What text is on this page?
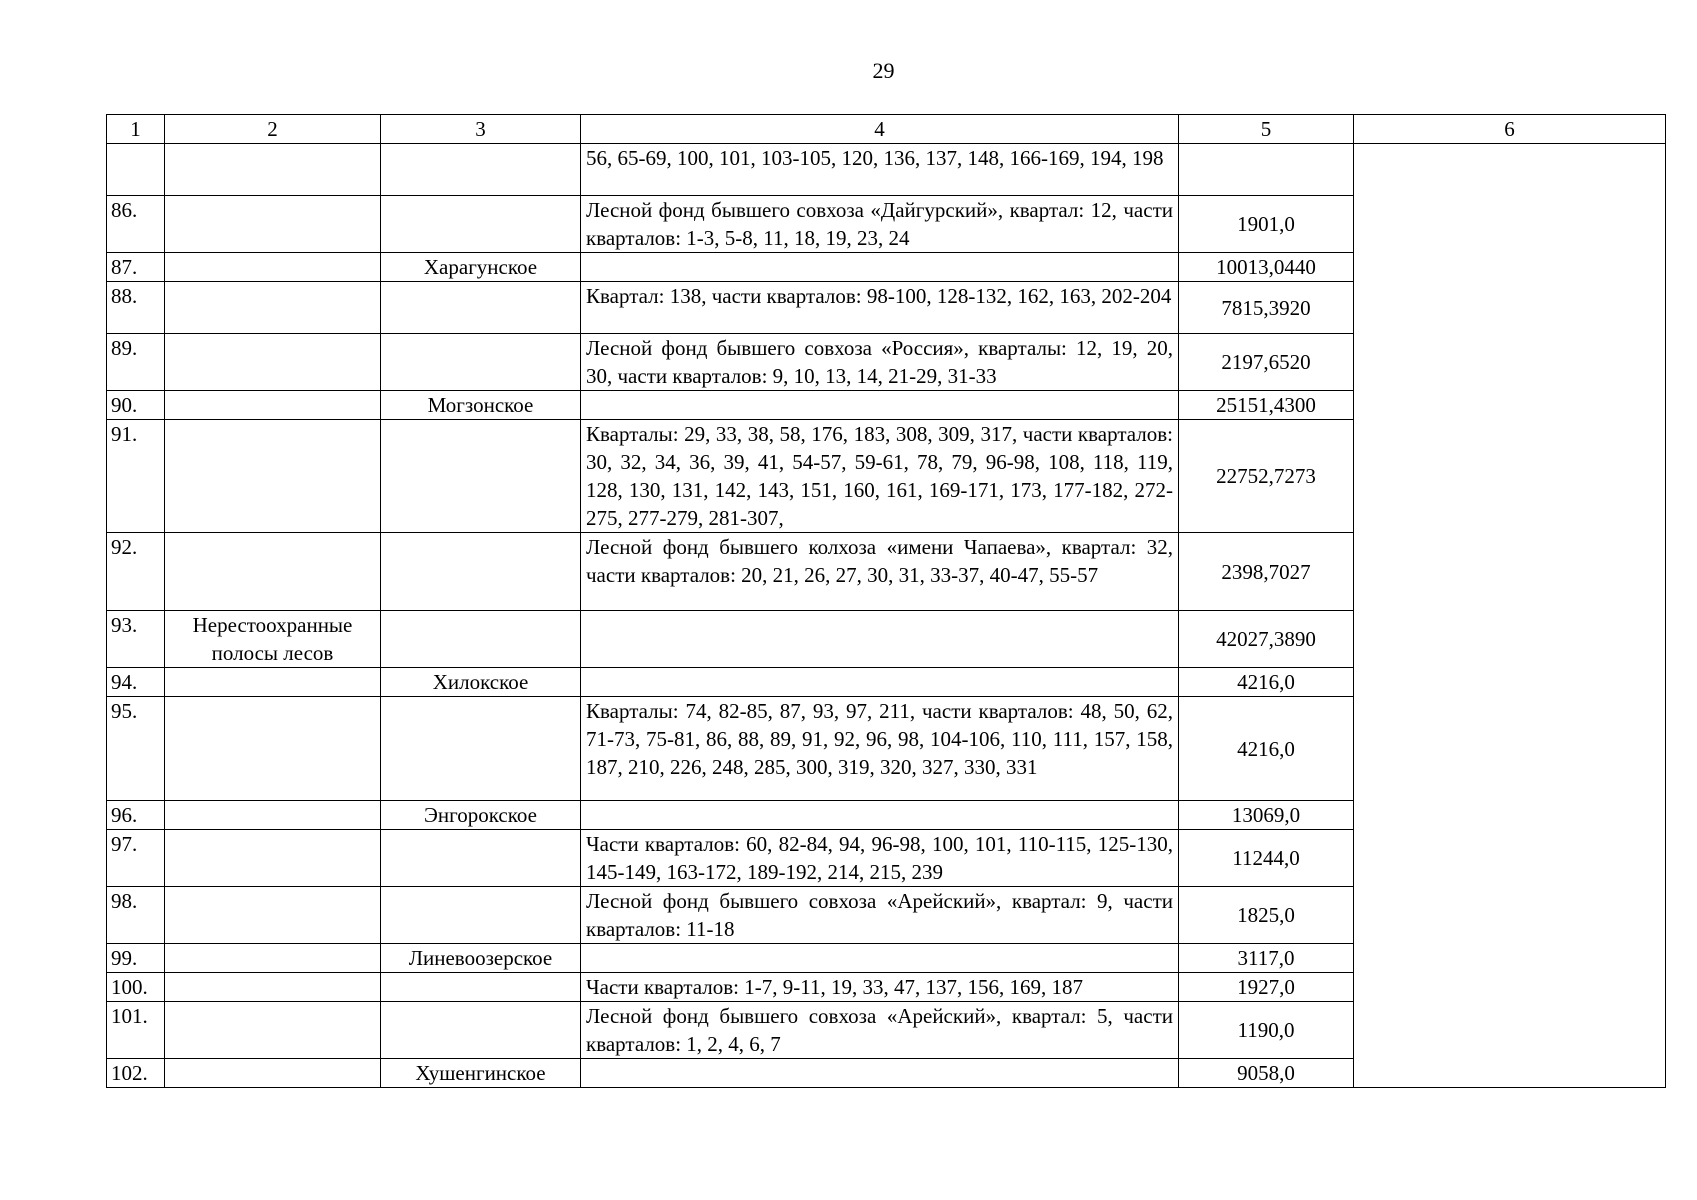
29
1	2	3	4	5	6
			56, 65-69, 100, 101, 103-105, 120, 136, 137, 148, 166-169, 194, 198		
86.			Лесной фонд бывшего совхоза «Дайгурский», квартал: 12, части кварталов: 1-3, 5-8, 11, 18, 19, 23, 24	1901,0	
87.		Харагунское		10013,0440	
88.			Квартал: 138, части кварталов: 98-100, 128-132, 162, 163, 202-204	7815,3920	
89.			Лесной фонд бывшего совхоза «Россия», кварталы: 12, 19, 20, 30, части кварталов: 9, 10, 13, 14, 21-29, 31-33	2197,6520	
90.		Могзонское		25151,4300	
91.			Кварталы: 29, 33, 38, 58, 176, 183, 308, 309, 317, части кварталов: 30, 32, 34, 36, 39, 41, 54-57, 59-61, 78, 79, 96-98, 108, 118, 119, 128, 130, 131, 142, 143, 151, 160, 161, 169-171, 173, 177-182, 272-275, 277-279, 281-307,	22752,7273	
92.			Лесной фонд бывшего колхоза «имени Чапаева», квартал: 32, части кварталов: 20, 21, 26, 27, 30, 31, 33-37, 40-47, 55-57	2398,7027	
93.	Нерестоохранные полосы лесов			42027,3890	
94.		Хилокское		4216,0	
95.			Кварталы: 74, 82-85, 87, 93, 97, 211, части кварталов: 48, 50, 62, 71-73, 75-81, 86, 88, 89, 91, 92, 96, 98, 104-106, 110, 111, 157, 158, 187, 210, 226, 248, 285, 300, 319, 320, 327, 330, 331	4216,0	
96.		Энгорокское		13069,0	
97.			Части кварталов: 60, 82-84, 94, 96-98, 100, 101, 110-115, 125-130, 145-149, 163-172, 189-192, 214, 215, 239	11244,0	
98.			Лесной фонд бывшего совхоза «Арейский», квартал: 9, части кварталов: 11-18	1825,0	
99.		Линевоозерское		3117,0	
100.			Части кварталов: 1-7, 9-11, 19, 33, 47, 137, 156, 169, 187	1927,0	
101.			Лесной фонд бывшего совхоза «Арейский», квартал: 5, части кварталов: 1, 2, 4, 6, 7	1190,0	
102.		Хушенгинское		9058,0	
